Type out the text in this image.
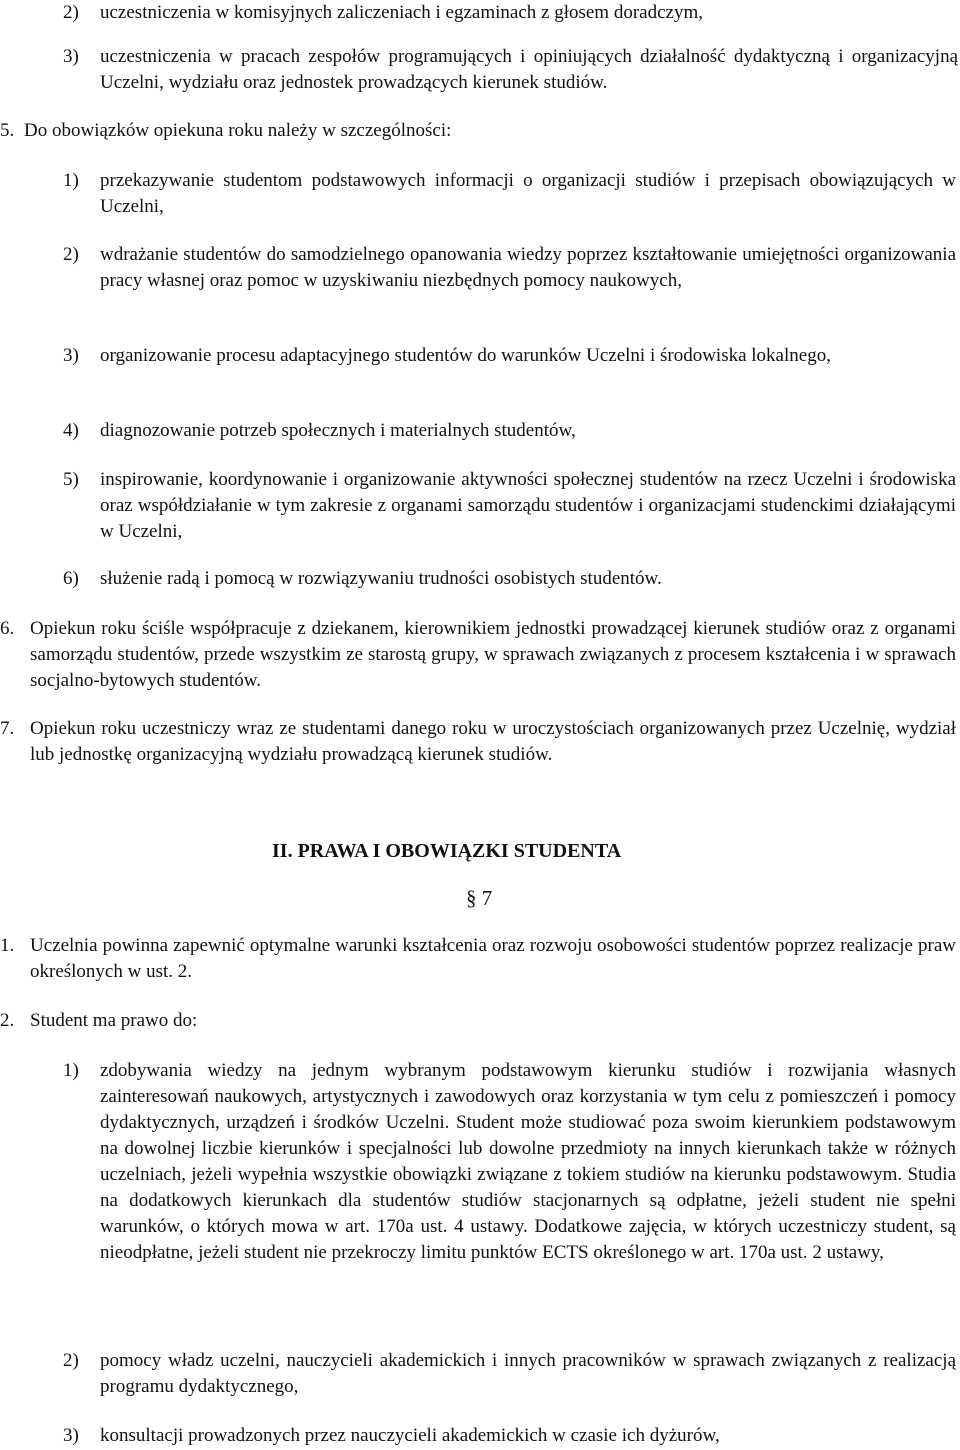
2) uczestniczenia w komisyjnych zaliczeniach i egzaminach z głosem doradczym,

3) uczestniczenia w pracach zespołów programujących i opiniujących działalność dydaktyczną i organizacyjną Uczelni, wydziału oraz jednostek prowadzących kierunek studiów.

5. Do obowiązków opiekuna roku należy w szczególności:

1) przekazywanie studentom podstawowych informacji o organizacji studiów i przepisach obowiązujących w Uczelni,

2) wdrażanie studentów do samodzielnego opanowania wiedzy poprzez kształtowanie umiejętności organizowania pracy własnej oraz pomoc w uzyskiwaniu niezbędnych pomocy naukowych,

3) organizowanie procesu adaptacyjnego studentów do warunków Uczelni i środowiska lokalnego,

4) diagnozowanie potrzeb społecznych i materialnych studentów,

5) inspirowanie, koordynowanie i organizowanie aktywności społecznej studentów na rzecz Uczelni i środowiska oraz współdziałanie w tym zakresie z organami samorządu studentów i organizacjami studenckimi działającymi w Uczelni,

6) służenie radą i pomocą w rozwiązywaniu trudności osobistych studentów.

6. Opiekun roku ściśle współpracuje z dziekanem, kierownikiem jednostki prowadzącej kierunek studiów oraz z organami samorządu studentów, przede wszystkim ze starostą grupy, w sprawach związanych z procesem kształcenia i w sprawach socjalno-bytowych studentów.

7. Opiekun roku uczestniczy wraz ze studentami danego roku w uroczystościach organizowanych przez Uczelnię, wydział lub jednostkę organizacyjną wydziału prowadzącą kierunek studiów.

II. PRAWA I OBOWIĄZKI STUDENTA

§ 7

1. Uczelnia powinna zapewnić optymalne warunki kształcenia oraz rozwoju osobowości studentów poprzez realizacje praw określonych w ust. 2.

2. Student ma prawo do:

1) zdobywania wiedzy na jednym wybranym podstawowym kierunku studiów i rozwijania własnych zainteresowań naukowych, artystycznych i zawodowych oraz korzystania w tym celu z pomieszczeń i pomocy dydaktycznych, urządzeń i środków Uczelni. Student może studiować poza swoim kierunkiem podstawowym na dowolnej liczbie kierunków i specjalności lub dowolne przedmioty na innych kierunkach także w różnych uczelniach, jeżeli wypełnia wszystkie obowiązki związane z tokiem studiów na kierunku podstawowym. Studia na dodatkowych kierunkach dla studentów studiów stacjonarnych są odpłatne, jeżeli student nie spełni warunków, o których mowa w art. 170a ust. 4 ustawy. Dodatkowe zajęcia, w których uczestniczy student, są nieodpłatne, jeżeli student nie przekroczy limitu punktów ECTS określonego w art. 170a ust. 2 ustawy,

2) pomocy władz uczelni, nauczycieli akademickich i innych pracowników w sprawach związanych z realizacją programu dydaktycznego,

3) konsultacji prowadzonych przez nauczycieli akademickich w czasie ich dyżurów,
